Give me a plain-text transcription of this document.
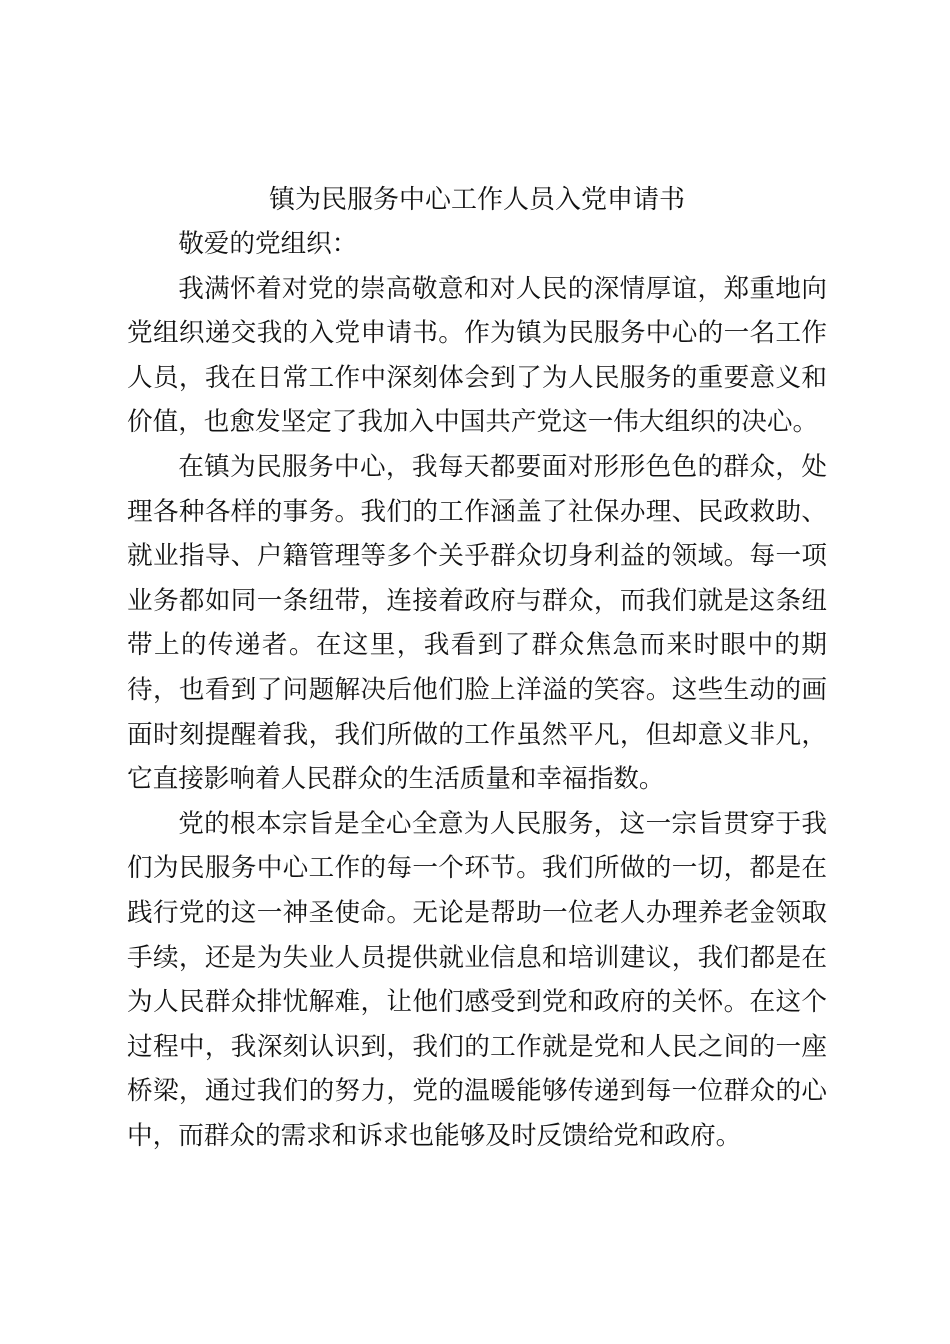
镇为民服务中心工作人员入党申请书

敬爱的党组织：

我满怀着对党的崇高敬意和对人民的深情厚谊，郑重地向党组织递交我的入党申请书。作为镇为民服务中心的一名工作人员，我在日常工作中深刻体会到了为人民服务的重要意义和价值，也愈发坚定了我加入中国共产党这一伟大组织的决心。

在镇为民服务中心，我每天都要面对形形色色的群众，处理各种各样的事务。我们的工作涵盖了社保办理、民政救助、就业指导、户籍管理等多个关乎群众切身利益的领域。每一项业务都如同一条纽带，连接着政府与群众，而我们就是这条纽带上的传递者。在这里，我看到了群众焦急而来时眼中的期待，也看到了问题解决后他们脸上洋溢的笑容。这些生动的画面时刻提醒着我，我们所做的工作虽然平凡，但却意义非凡，它直接影响着人民群众的生活质量和幸福指数。

党的根本宗旨是全心全意为人民服务，这一宗旨贯穿于我们为民服务中心工作的每一个环节。我们所做的一切，都是在践行党的这一神圣使命。无论是帮助一位老人办理养老金领取手续，还是为失业人员提供就业信息和培训建议，我们都是在为人民群众排忧解难，让他们感受到党和政府的关怀。在这个过程中，我深刻认识到，我们的工作就是党和人民之间的一座桥梁，通过我们的努力，党的温暖能够传递到每一位群众的心中，而群众的需求和诉求也能够及时反馈给党和政府。
